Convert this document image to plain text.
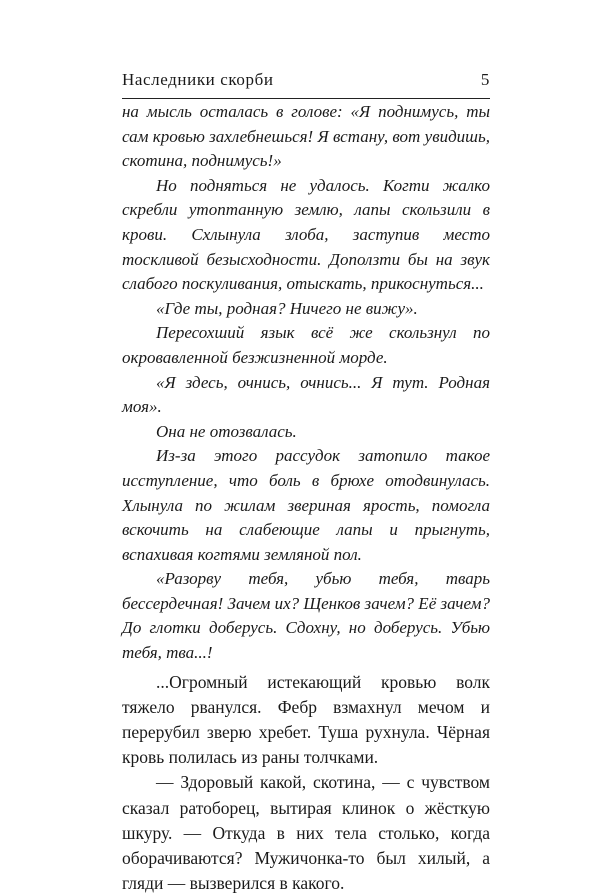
Наследники скорби	5

на мысль осталась в голове: «Я поднимусь, ты сам кровью захлебнешься! Я встану, вот увидишь, скотина, поднимусь!»

Но подняться не удалось. Когти жалко скребли утоптанную землю, лапы скользили в крови. Схлынула злоба, заступив место тоскливой безысходности. Доползти бы на звук слабого поскуливания, отыскать, прикоснуться...

«Где ты, родная? Ничего не вижу».

Пересохший язык всё же скользнул по окровавленной безжизненной морде.

«Я здесь, очнись, очнись... Я тут. Родная моя».

Она не отозвалась.

Из-за этого рассудок затопило такое исступление, что боль в брюхе отодвинулась. Хлынула по жилам звериная ярость, помогла вскочить на слабеющие лапы и прыгнуть, вспахивая когтями земляной пол.

«Разорву тебя, убью тебя, тварь бессердечная! Зачем их? Щенков зачем? Её зачем? До глотки доберусь. Сдохну, но доберусь. Убью тебя, тва...!

...Огромный истекающий кровью волк тяжело рванулся. Фебр взмахнул мечом и перерубил зверю хребет. Туша рухнула. Чёрная кровь полилась из раны толчками.

— Здоровый какой, скотина, — с чувством сказал ратоборец, вытирая клинок о жёсткую шкуру. — Откуда в них тела столько, когда оборачиваются? Мужичонка-то был хилый, а гляди — вызверился в какого.
